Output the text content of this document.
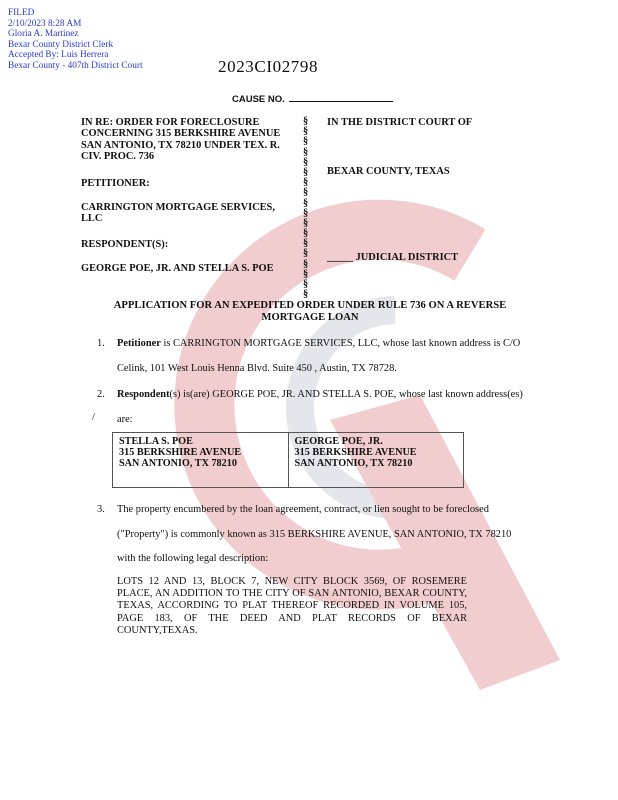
FILED
2/10/2023 8:28 AM
Gloria A. Martinez
Bexar County District Clerk
Accepted By: Luis Herrera
Bexar County - 407th District Court	2023CI02798
CAUSE NO.
IN RE: ORDER FOR FORECLOSURE
CONCERNING 315 BERKSHIRE AVENUE
SAN ANTONIO, TX 78210 UNDER TEX. R.
CIV. PROC. 736
PETITIONER:
CARRINGTON MORTGAGE SERVICES,
LLC
RESPONDENT(S):
GEORGE POE, JR. AND STELLA S. POE
§
§
§
§
§
§
§
§
§
§
§
§
§
§
§
§
§
§
IN THE DISTRICT COURT OF
BEXAR COUNTY, TEXAS
_____ JUDICIAL DISTRICT
APPLICATION FOR AN EXPEDITED ORDER UNDER RULE 736 ON A REVERSE
MORTGAGE LOAN
1. Petitioner is CARRINGTON MORTGAGE SERVICES, LLC, whose last known address is C/O
Celink, 101 West Louis Henna Blvd. Suite 450 , Austin, TX 78728.
2. Respondent(s) is(are) GEORGE POE, JR. AND STELLA S. POE, whose last known address(es)
/ are:
STELLA S. POE
315 BERKSHIRE AVENUE
SAN ANTONIO, TX 78210

GEORGE POE, JR.
315 BERKSHIRE AVENUE
SAN ANTONIO, TX 78210
3. The property encumbered by the loan agreement, contract, or lien sought to be foreclosed
("Property") is commonly known as 315 BERKSHIRE AVENUE, SAN ANTONIO, TX 78210
with the following legal description:
LOTS 12 AND 13, BLOCK 7, NEW CITY BLOCK 3569, OF ROSEMERE PLACE, AN ADDITION TO THE CITY OF SAN ANTONIO, BEXAR COUNTY, TEXAS, ACCORDING TO PLAT THEREOF RECORDED IN VOLUME 105, PAGE 183, OF THE DEED AND PLAT RECORDS OF BEXAR COUNTY,TEXAS.
